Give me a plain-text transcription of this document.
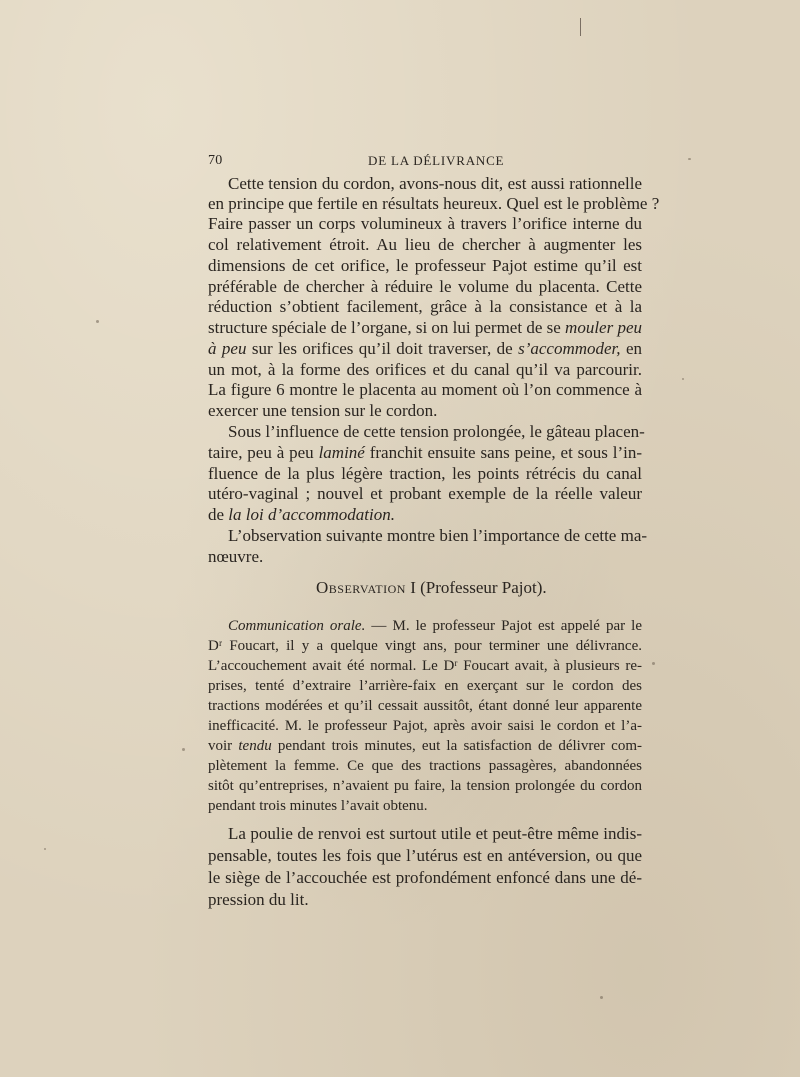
70	DE LA DÉLIVRANCE
Cette tension du cordon, avons-nous dit, est aussi rationnelle
en principe que fertile en résultats heureux. Quel est le problème ?
Faire passer un corps volumineux à travers l’orifice interne du
col relativement étroit. Au lieu de chercher à augmenter les
dimensions de cet orifice, le professeur Pajot estime qu’il est
préférable de chercher à réduire le volume du placenta. Cette
réduction s’obtient facilement, grâce à la consistance et à la
structure spéciale de l’organe, si on lui permet de se mouler peu
à peu sur les orifices qu’il doit traverser, de s’accommoder, en
un mot, à la forme des orifices et du canal qu’il va parcourir.
La figure 6 montre le placenta au moment où l’on commence à
exercer une tension sur le cordon.
Sous l’influence de cette tension prolongée, le gâteau placen-
taire, peu à peu laminé franchit ensuite sans peine, et sous l’in-
fluence de la plus légère traction, les points rétrécis du canal
utéro-vaginal ; nouvel et probant exemple de la réelle valeur
de la loi d’accommodation.
L’observation suivante montre bien l’importance de cette ma-
nœuvre.
Observation I (Professeur Pajot).
Communication orale. — M. le professeur Pajot est appelé par le
Dʳ Foucart, il y a quelque vingt ans, pour terminer une délivrance.
L’accouchement avait été normal. Le Dʳ Foucart avait, à plusieurs re-
prises, tenté d’extraire l’arrière-faix en exerçant sur le cordon des
tractions modérées et qu’il cessait aussitôt, étant donné leur apparente
inefficacité. M. le professeur Pajot, après avoir saisi le cordon et l’a-
voir tendu pendant trois minutes, eut la satisfaction de délivrer com-
plètement la femme. Ce que des tractions passagères, abandonnées
sitôt qu’entreprises, n’avaient pu faire, la tension prolongée du cordon
pendant trois minutes l’avait obtenu.
La poulie de renvoi est surtout utile et peut-être même indis-
pensable, toutes les fois que l’utérus est en antéversion, ou que
le siège de l’accouchée est profondément enfoncé dans une dé-
pression du lit.
